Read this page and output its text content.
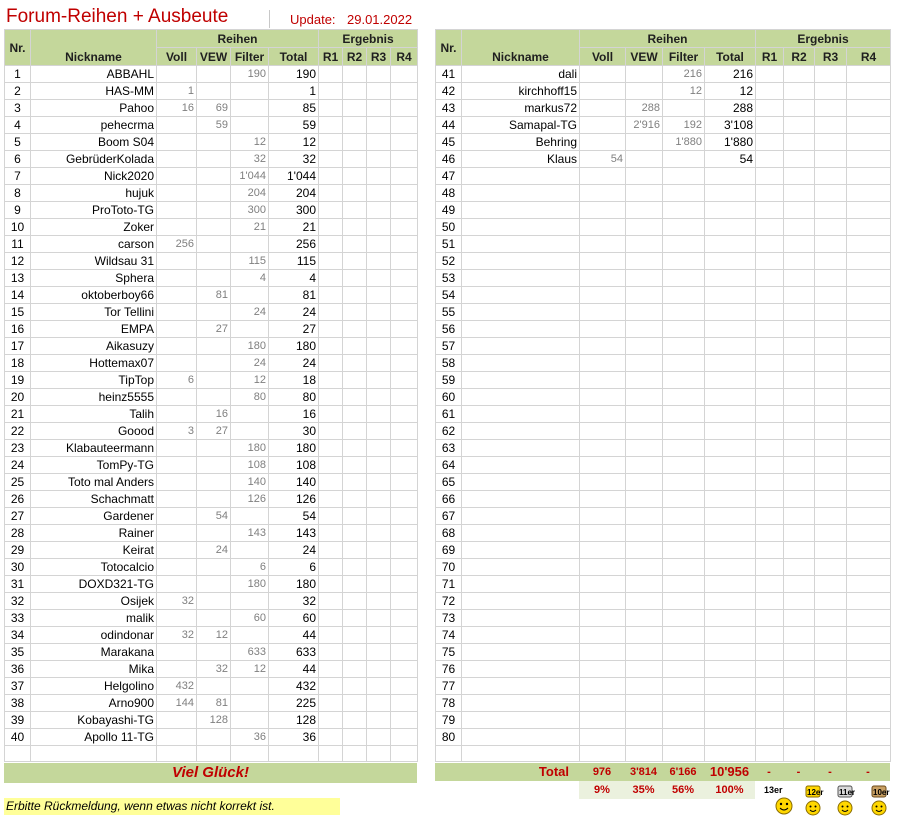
Forum-Reihen + Ausbeute	Update: 29.01.2022
Nr.	Nickname	Reihen				Ergebnis			
		Voll	VEW	Filter	Total	R1	R2	R3	R4
1	ABBAHL			190	190				
2	HAS-MM	1			1				
3	Pahoo	16	69		85				
4	pehecrma		59		59				
5	Boom S04			12	12				
6	GebrüderKolada			32	32				
7	Nick2020			1'044	1'044				
8	hujuk			204	204				
9	ProToto-TG			300	300				
10	Zoker			21	21				
11	carson	256			256				
12	Wildsau 31			115	115				
13	Sphera			4	4				
14	oktoberboy66		81		81				
15	Tor Tellini			24	24				
16	EMPA		27		27				
17	Aikasuzy			180	180				
18	Hottemax07			24	24				
19	TipTop	6		12	18				
20	heinz5555			80	80				
21	Talih		16		16				
22	Goood	3	27		30				
23	Klabauteermann			180	180				
24	TomPy-TG			108	108				
25	Toto mal Anders			140	140				
26	Schachmatt			126	126				
27	Gardener		54		54				
28	Rainer			143	143				
29	Keirat		24		24				
30	Totocalcio			6	6				
31	DOXD321-TG			180	180				
32	Osijek	32			32				
33	malik			60	60				
34	odindonar	32	12		44				
35	Marakana			633	633				
36	Mika		32	12	44				
37	Helgolino	432			432				
38	Arno900	144	81		225				
39	Kobayashi-TG		128		128				
40	Apollo 11-TG			36	36				

Nr.	Nickname	Reihen				Ergebnis			
		Voll	VEW	Filter	Total	R1	R2	R3	R4
41	dali			216	216				
42	kirchhoff15			12	12				
43	markus72		288		288				
44	Samapal-TG		2'916	192	3'108				
45	Behring			1'880	1'880				
46	Klaus	54			54				
47									
48									
49									
50									
51									
52									
53									
54									
55									
56									
57									
58									
59									
60									
61									
62									
63									
64									
65									
66									
67									
68									
69									
70									
71									
72									
73									
74									
75									
76									
77									
78									
79									
80									

Viel Glück!
Erbitte Rückmeldung, wenn etwas nicht korrekt ist.
Total	976	3'814	6'166	10'956	-	-	-	-
	9%	35%	56%	100%				13er	12er 11er 10er
